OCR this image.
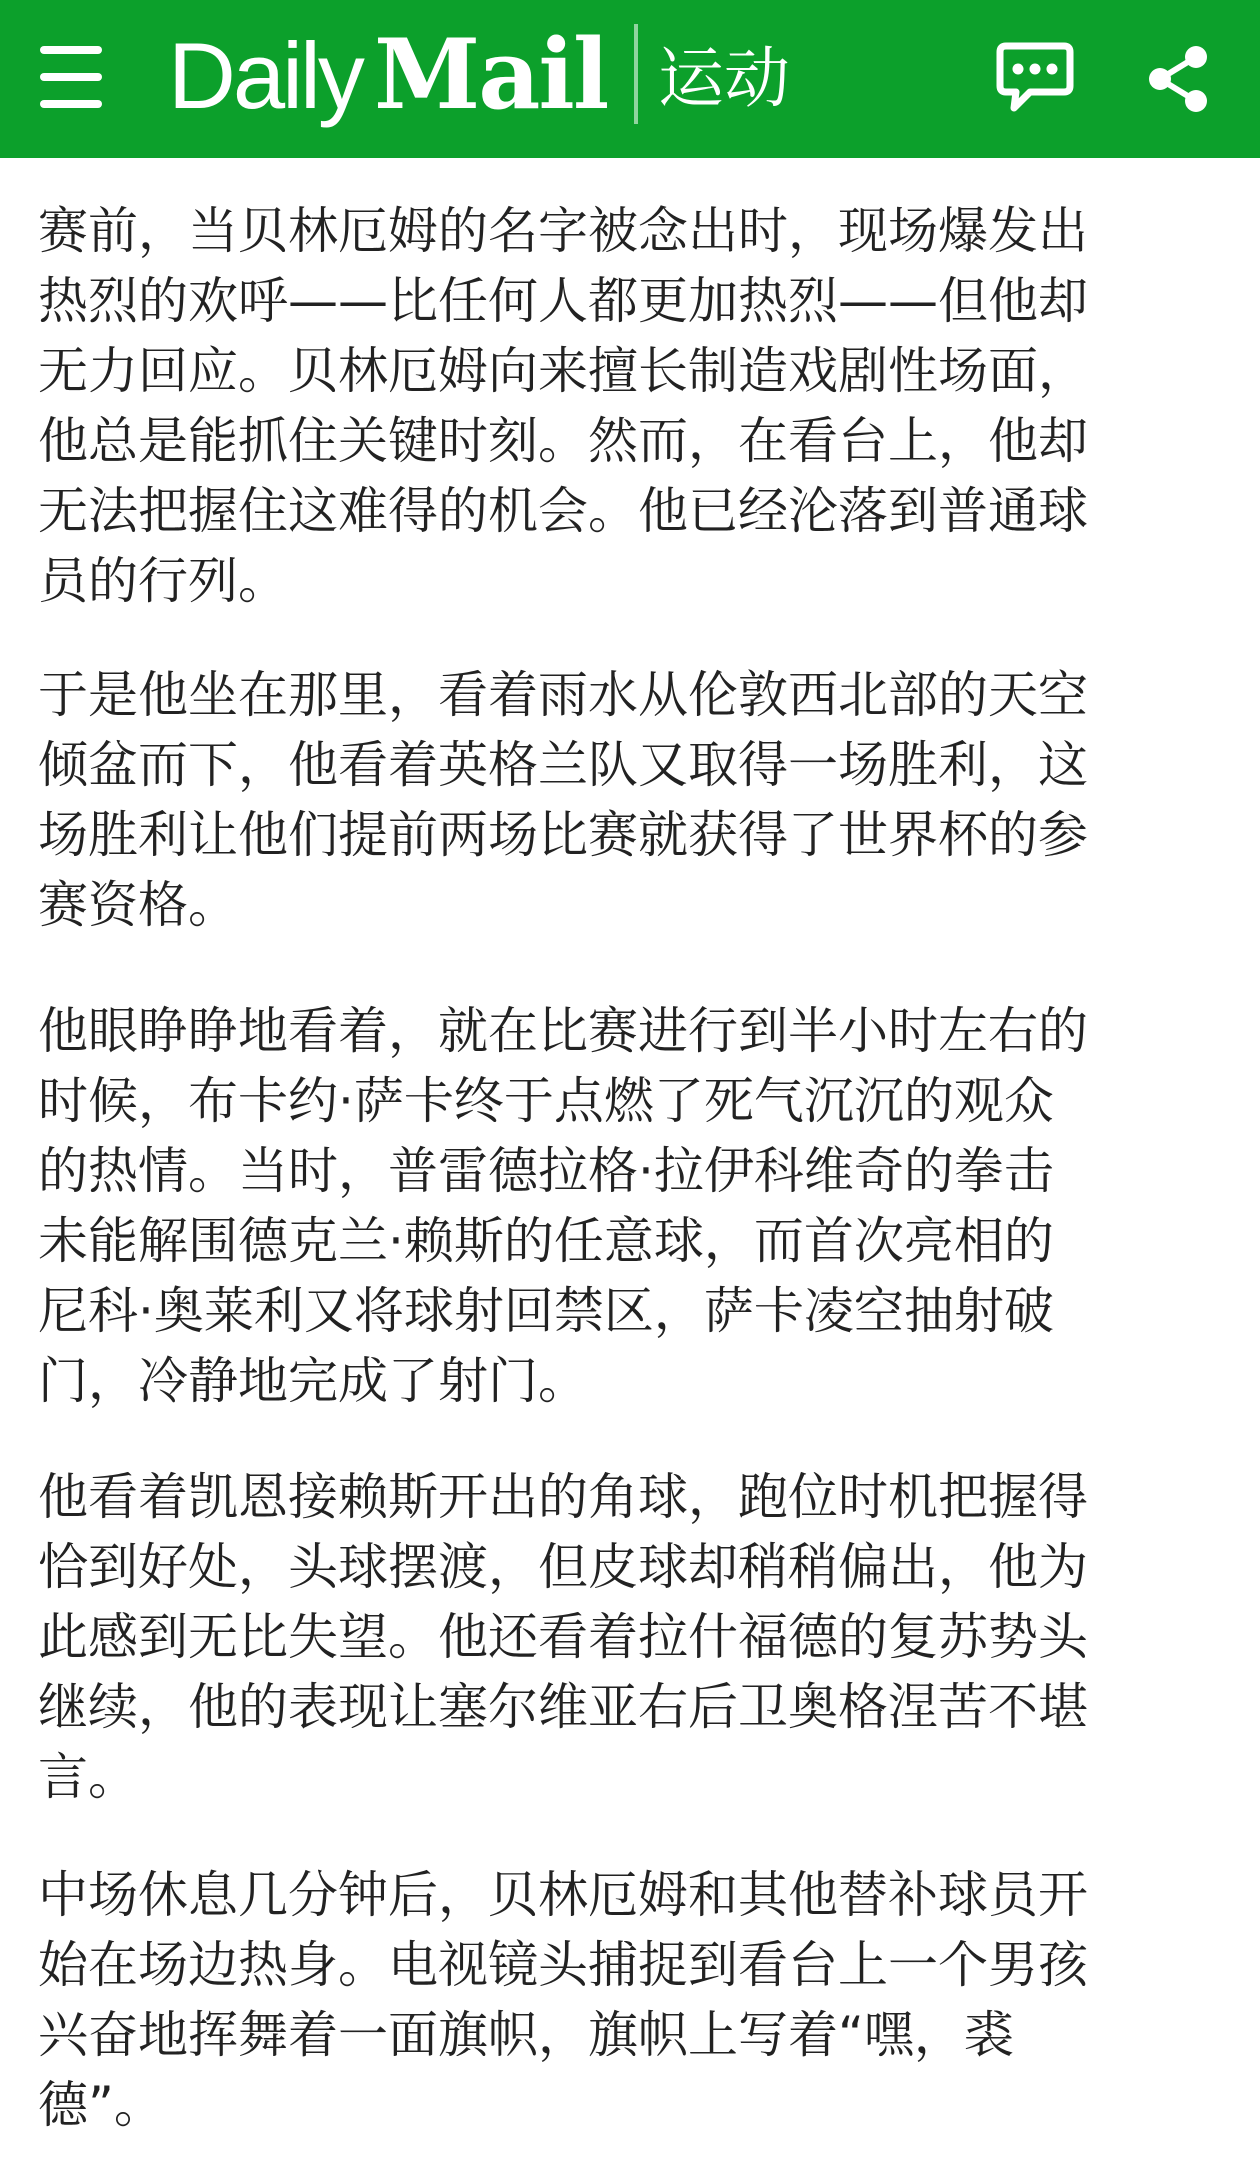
Daily Mail 运动

赛前，当贝林厄姆的名字被念出时，现场爆发出
热烈的欢呼——比任何人都更加热烈——但他却
无力回应。贝林厄姆向来擅长制造戏剧性场面，
他总是能抓住关键时刻。然而，在看台上，他却
无法把握住这难得的机会。他已经沦落到普通球
员的行列。

于是他坐在那里，看着雨水从伦敦西北部的天空
倾盆而下，他看着英格兰队又取得一场胜利，这
场胜利让他们提前两场比赛就获得了世界杯的参
赛资格。

他眼睁睁地看着，就在比赛进行到半小时左右的
时候，布卡约·萨卡终于点燃了死气沉沉的观众
的热情。当时，普雷德拉格·拉伊科维奇的拳击
未能解围德克兰·赖斯的任意球，而首次亮相的
尼科·奥莱利又将球射回禁区，萨卡凌空抽射破
门，冷静地完成了射门。

他看着凯恩接赖斯开出的角球，跑位时机把握得
恰到好处，头球摆渡，但皮球却稍稍偏出，他为
此感到无比失望。他还看着拉什福德的复苏势头
继续，他的表现让塞尔维亚右后卫奥格涅苦不堪
言。

中场休息几分钟后，贝林厄姆和其他替补球员开
始在场边热身。电视镜头捕捉到看台上一个男孩
兴奋地挥舞着一面旗帜，旗帜上写着“嘿，裘
德”。
